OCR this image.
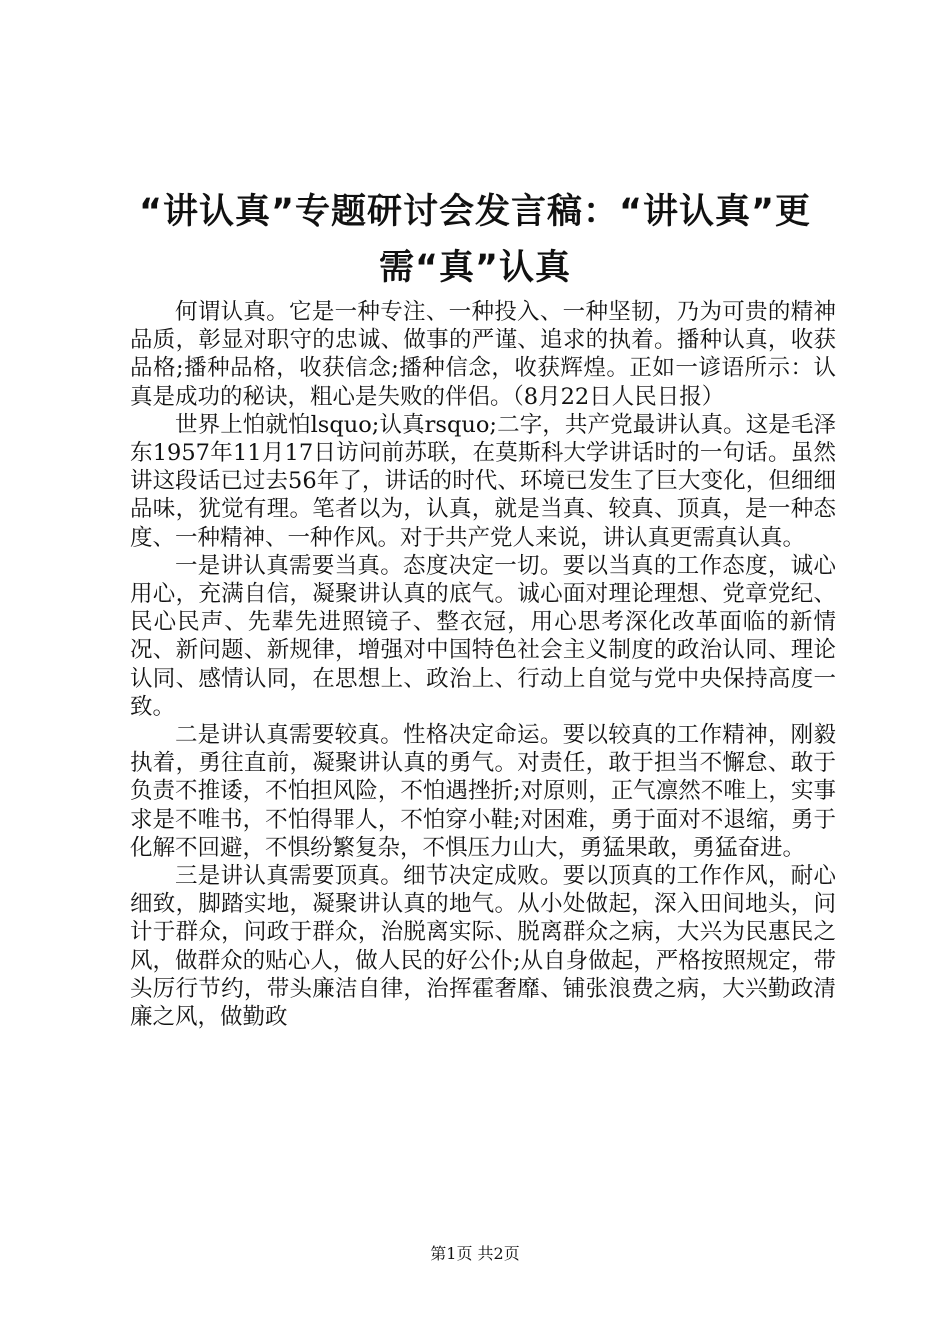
“讲认真”专题研讨会发言稿：“讲认真”更需“真”认真

何谓认真。它是一种专注、一种投入、一种坚韧，乃为可贵的精神品质，彰显对职守的忠诚、做事的严谨、追求的执着。播种认真，收获品格;播种品格，收获信念;播种信念，收获辉煌。正如一谚语所示：认真是成功的秘诀，粗心是失败的伴侣。（8月22日人民日报）

世界上怕就怕lsquo;认真rsquo;二字，共产党最讲认真。这是毛泽东1957年11月17日访问前苏联，在莫斯科大学讲话时的一句话。虽然讲这段话已过去56年了，讲话的时代、环境已发生了巨大变化，但细细品味，犹觉有理。笔者以为，认真，就是当真、较真、顶真，是一种态度、一种精神、一种作风。对于共产党人来说，讲认真更需真认真。

一是讲认真需要当真。态度决定一切。要以当真的工作态度，诚心用心，充满自信，凝聚讲认真的底气。诚心面对理论理想、党章党纪、民心民声、先辈先进照镜子、整衣冠，用心思考深化改革面临的新情况、新问题、新规律，增强对中国特色社会主义制度的政治认同、理论认同、感情认同，在思想上、政治上、行动上自觉与党中央保持高度一致。

二是讲认真需要较真。性格决定命运。要以较真的工作精神，刚毅执着，勇往直前，凝聚讲认真的勇气。对责任，敢于担当不懈怠、敢于负责不推诿，不怕担风险，不怕遇挫折;对原则，正气凛然不唯上，实事求是不唯书，不怕得罪人，不怕穿小鞋;对困难，勇于面对不退缩，勇于化解不回避，不惧纷繁复杂，不惧压力山大，勇猛果敢，勇猛奋进。

三是讲认真需要顶真。细节决定成败。要以顶真的工作作风，耐心细致，脚踏实地，凝聚讲认真的地气。从小处做起，深入田间地头，问计于群众，问政于群众，治脱离实际、脱离群众之病，大兴为民惠民之风，做群众的贴心人，做人民的好公仆;从自身做起，严格按照规定，带头厉行节约，带头廉洁自律，治挥霍奢靡、铺张浪费之病，大兴勤政清廉之风，做勤政

第1页 共2页
